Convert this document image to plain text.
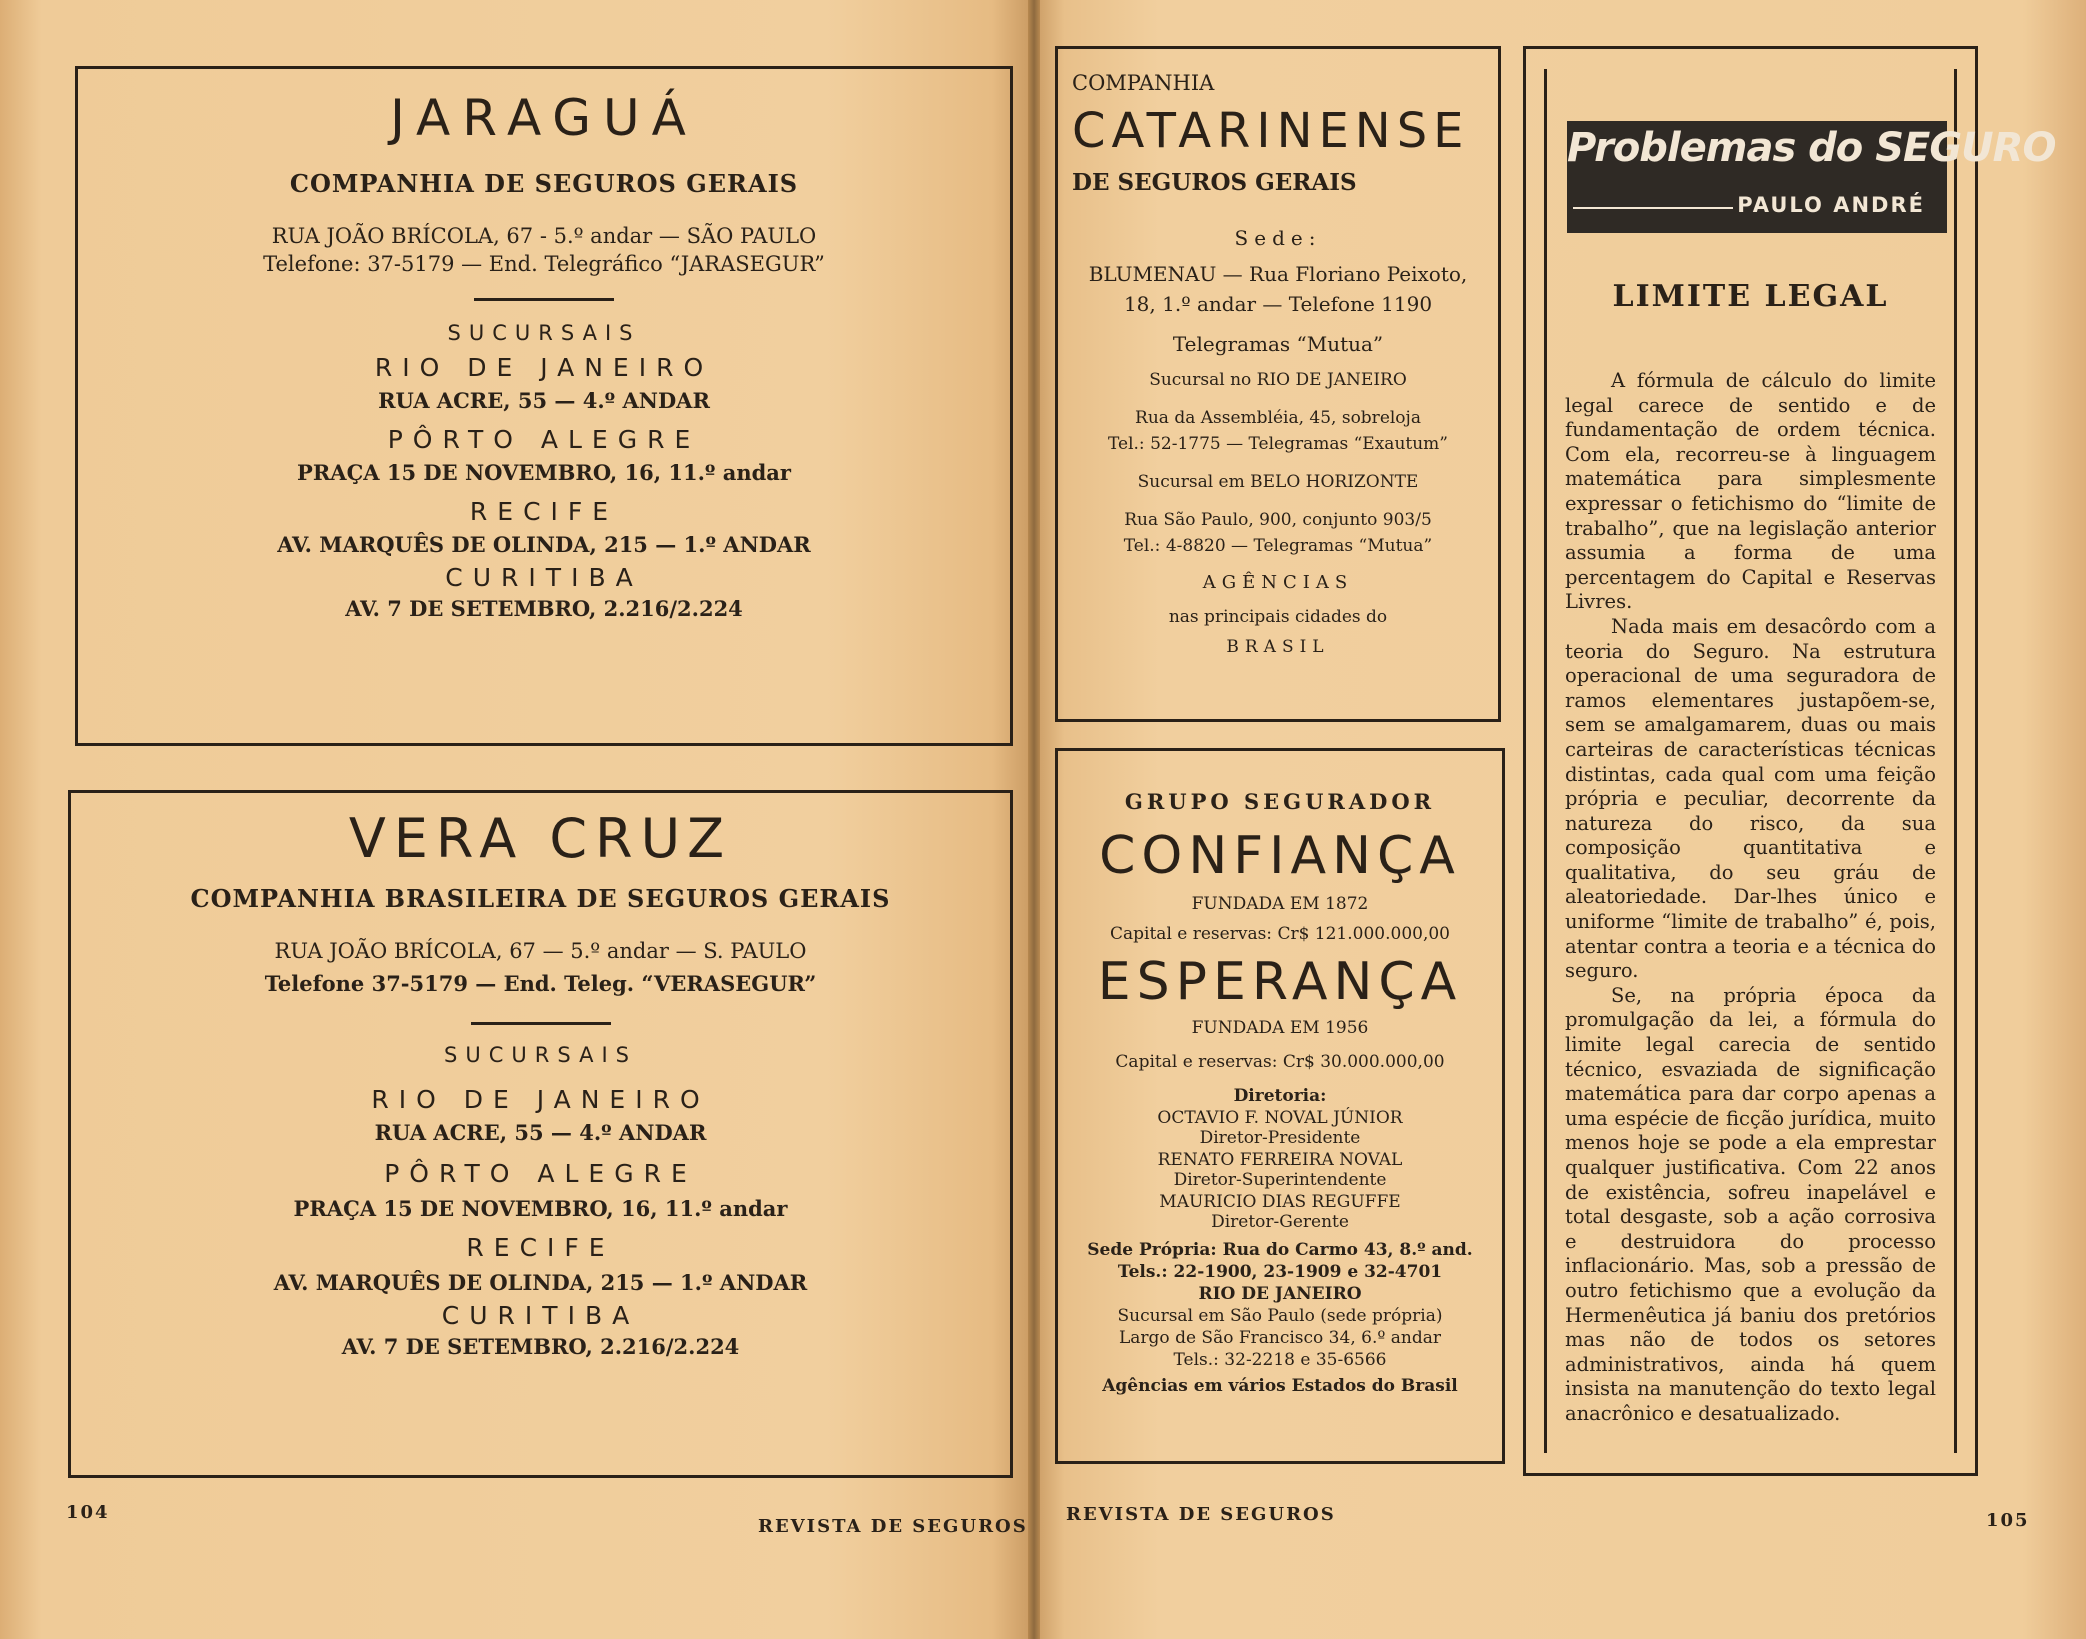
JARAGUÁ
COMPANHIA DE SEGUROS GERAIS
RUA JOÃO BRÍCOLA, 67 - 5.º andar — SÃO PAULO
Telefone: 37-5179 — End. Telegráfico “JARASEGUR”
SUCURSAIS
RIO DE JANEIRO
RUA ACRE, 55 — 4.º ANDAR
PÔRTO ALEGRE
PRAÇA 15 DE NOVEMBRO, 16, 11.º andar
RECIFE
AV. MARQUÊS DE OLINDA, 215 — 1.º ANDAR
CURITIBA
AV. 7 DE SETEMBRO, 2.216/2.224
VERA CRUZ
COMPANHIA BRASILEIRA DE SEGUROS GERAIS
RUA JOÃO BRÍCOLA, 67 — 5.º andar — S. PAULO
Telefone 37-5179 — End. Teleg. “VERASEGUR”
SUCURSAIS
RIO DE JANEIRO
RUA ACRE, 55 — 4.º ANDAR
PÔRTO ALEGRE
PRAÇA 15 DE NOVEMBRO, 16, 11.º andar
RECIFE
AV. MARQUÊS DE OLINDA, 215 — 1.º ANDAR
CURITIBA
AV. 7 DE SETEMBRO, 2.216/2.224
104
REVISTA DE SEGUROS
COMPANHIA
CATARINENSE
DE SEGUROS GERAIS
Sede:
BLUMENAU — Rua Floriano Peixoto,
18, 1.º andar — Telefone 1190
Telegramas “Mutua”
Sucursal no RIO DE JANEIRO
Rua da Assembléia, 45, sobreloja
Tel.: 52-1775 — Telegramas “Exautum”
Sucursal em BELO HORIZONTE
Rua São Paulo, 900, conjunto 903/5
Tel.: 4-8820 — Telegramas “Mutua”
AGÊNCIAS
nas principais cidades do
BRASIL
GRUPO SEGURADOR
CONFIANÇA
FUNDADA EM 1872
Capital e reservas: Cr$ 121.000.000,00
ESPERANÇA
FUNDADA EM 1956
Capital e reservas: Cr$ 30.000.000,00
Diretoria:
OCTAVIO F. NOVAL JÚNIOR
Diretor-Presidente
RENATO FERREIRA NOVAL
Diretor-Superintendente
MAURICIO DIAS REGUFFE
Diretor-Gerente
Sede Própria: Rua do Carmo 43, 8.º and.
Tels.: 22-1900, 23-1909 e 32-4701
RIO DE JANEIRO
Sucursal em São Paulo (sede própria)
Largo de São Francisco 34, 6.º andar
Tels.: 32-2218 e 35-6566
Agências em vários Estados do Brasil
Problemas do SEGURO
PAULO ANDRÉ
LIMITE LEGAL

A fórmula de cálculo do limite legal carece de sentido e de fundamentação de ordem técnica. Com ela, recorreu-se à linguagem matemática para simplesmente expressar o fetichismo do “limite de trabalho”, que na legislação anterior assumia a forma de uma percentagem do Capital e Reservas Livres.

Nada mais em desacôrdo com a teoria do Seguro. Na estrutura operacional de uma seguradora de ramos elementares justapõem-se, sem se amalgamarem, duas ou mais carteiras de características técnicas distintas, cada qual com uma feição própria e peculiar, decorrente da natureza do risco, da sua composição quantitativa e qualitativa, do seu gráu de aleatoriedade. Dar-lhes único e uniforme “limite de trabalho” é, pois, atentar contra a teoria e a técnica do seguro.

Se, na própria época da promulgação da lei, a fórmula do limite legal carecia de sentido técnico, esvaziada de significação matemática para dar corpo apenas a uma espécie de ficção jurídica, muito menos hoje se pode a ela emprestar qualquer justificativa. Com 22 anos de existência, sofreu inapelável e total desgaste, sob a ação corrosiva e destruidora do processo inflacionário. Mas, sob a pressão de outro fetichismo que a evolução da Hermenêutica já baniu dos pretórios mas não de todos os setores administrativos, ainda há quem insista na manutenção do texto legal anacrônico e desatualizado.

REVISTA DE SEGUROS	105
